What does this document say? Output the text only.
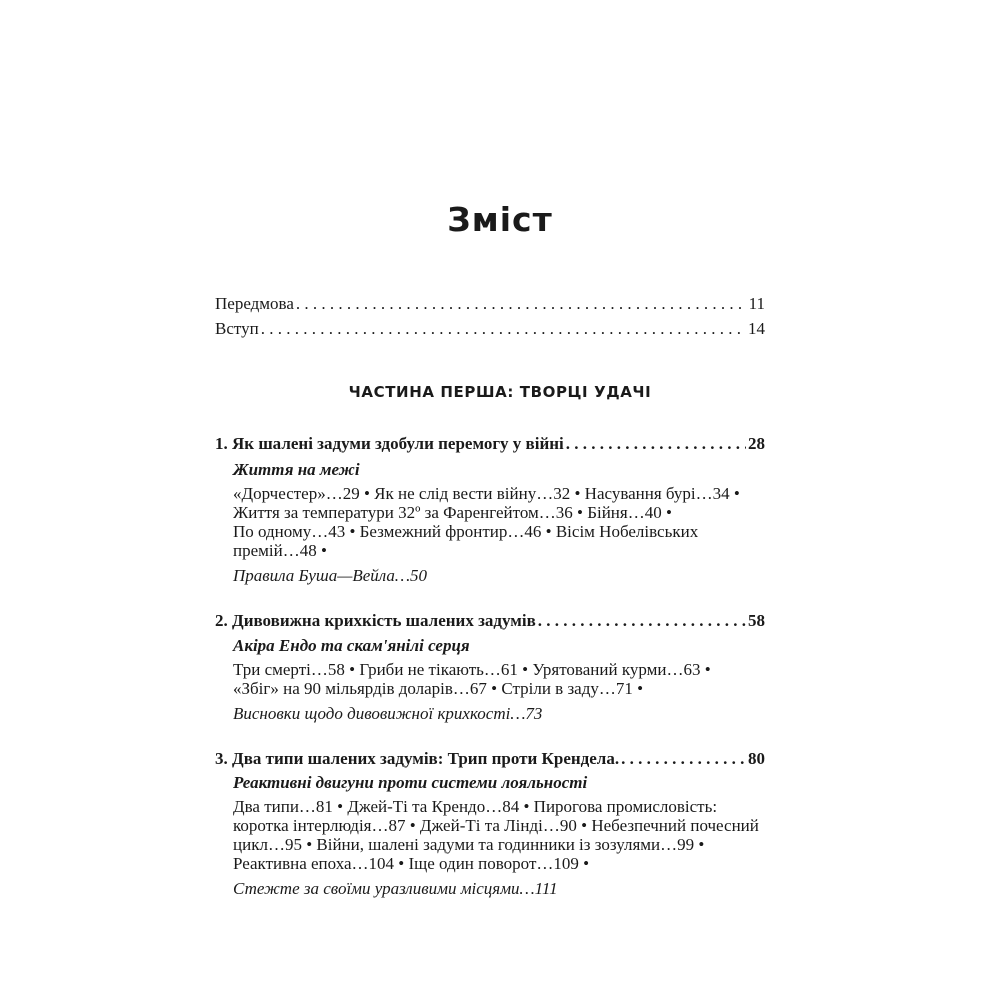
Зміст
Передмова . . .	11
Вступ . . .	14
ЧАСТИНА ПЕРША: ТВОРЦІ УДАЧІ
1. Як шалені задуми здобули перемогу у війні . . .	28
Життя на межі
«Дорчестер»…29 • Як не слід вести війну…32 • Насування бурі…34 •
Життя за температури 32º за Фаренгейтом…36 • Бійня…40 •
По одному…43 • Безмежний фронтир…46 • Вісім Нобелівських
премій…48 •
Правила Буша—Вейла…50
2. Дивовижна крихкість шалених задумів . . .	58
Акіра Ендо та скам'янілі серця
Три смерті…58 • Гриби не тікають…61 • Урятований курми…63 •
«Збіг» на 90 мільярдів доларів…67 • Стріли в заду…71 •
Висновки щодо дивовижної крихкості…73
3. Два типи шалених задумів: Трип проти Крендела. . . .	80
Реактивні двигуни проти системи лояльності
Два типи…81 • Джей-Ті та Крендо…84 • Пирогова промисловість:
коротка інтерлюдія…87 • Джей-Ті та Лінді…90 • Небезпечний почесний
цикл…95 • Війни, шалені задуми та годинники із зозулями…99 •
Реактивна епоха…104 • Іще один поворот…109 •
Стежте за своїми уразливими місцями…111
